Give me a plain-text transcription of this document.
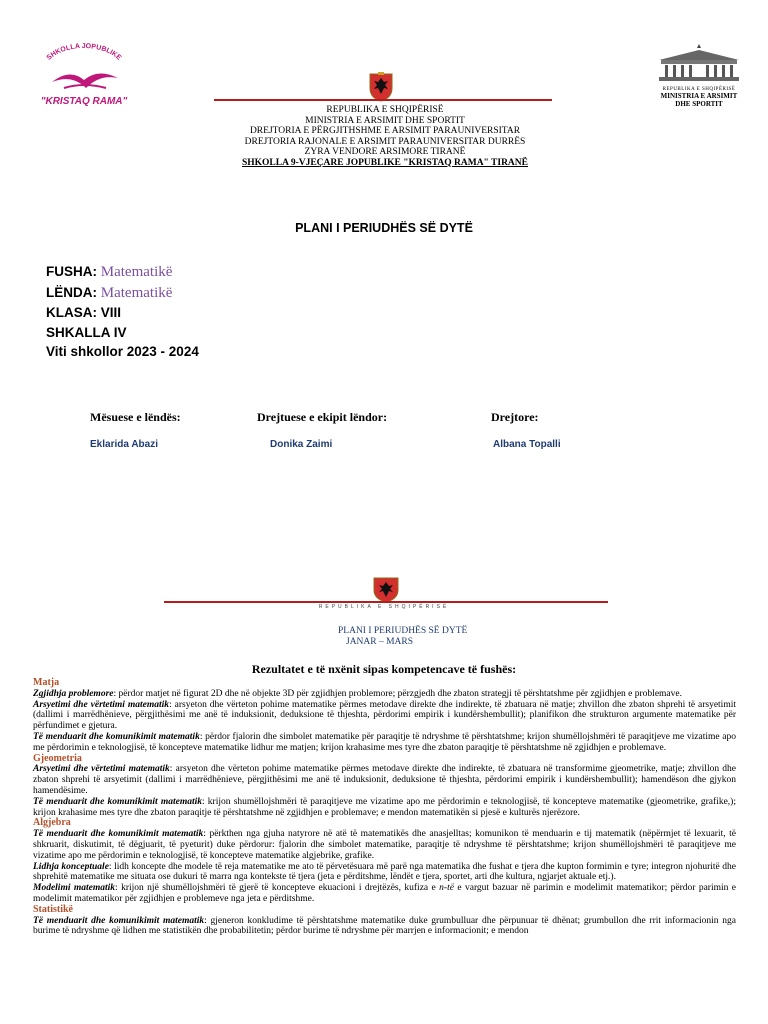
SHKOLLA JOPUBLIKE
"KRISTAQ RAMA"
REPUBLIKA E SHQIPËRISË
MINISTRIA E ARSIMIT
DHE SPORTIT
REPUBLIKA E SHQIPËRISË
MINISTRIA E ARSIMIT DHE SPORTIT
DREJTORIA E PËRGJITHSHME E ARSIMIT PARAUNIVERSITAR
DREJTORIA RAJONALE E ARSIMIT PARAUNIVERSITAR DURRËS
ZYRA VENDORE ARSIMORE TIRANË
SHKOLLA 9-VJEÇARE JOPUBLIKE "KRISTAQ RAMA" TIRANË
PLANI I PERIUDHËS SË DYTË
FUSHA: Matematikë
LËNDA: Matematikë
KLASA: VIII
SHKALLA IV
Viti shkollor 2023 - 2024
Mësuese e lëndës:	Drejtuese e ekipit lëndor:	Drejtore:
Eklarida Abazi	Donika Zaimi	Albana Topalli
REPUBLIKA E SHQIPËRISË
PLANI I PERIUDHËS SË DYTË
JANAR – MARS
Rezultatet e të nxënit sipas kompetencave të fushës:
Matja

Zgjidhja problemore: përdor matjet në figurat 2D dhe në objekte 3D për zgjidhjen problemore; përzgjedh dhe zbaton strategji të përshtatshme për zgjidhjen e problemave.

Arsyetimi dhe vërtetimi matematik: arsyeton dhe vërteton pohime matematike përmes metodave direkte dhe indirekte, të zbatuara në matje; zhvillon dhe zbaton shprehi të arsyetimit (dallimi i marrëdhënieve, përgjithësimi me anë të induksionit, deduksione të thjeshta, përdorimi empirik i kundërshembullit); planifikon dhe strukturon argumente matematike për përfundimet e gjetura.

Të menduarit dhe komunikimit matematik: përdor fjalorin dhe simbolet matematike për paraqitje të ndryshme të përshtatshme; krijon shumëllojshmëri të paraqitjeve me vizatime apo me përdorimin e teknologjisë, të koncepteve matematike lidhur me matjen; krijon krahasime mes tyre dhe zbaton paraqitje të përshtatshme në zgjidhjen e problemave.

Gjeometria

Arsyetimi dhe vërtetimi matematik: arsyeton dhe vërteton pohime matematike përmes metodave direkte dhe indirekte, të zbatuara në transformime gjeometrike, matje; zhvillon dhe zbaton shprehi të arsyetimit (dallimi i marrëdhënieve, përgjithësimi me anë të induksionit, deduksione të thjeshta, përdorimi empirik i kundërshembullit); hamendëson dhe gjykon hamendësime.

Të menduarit dhe komunikimit matematik: krijon shumëllojshmëri të paraqitjeve me vizatime apo me përdorimin e teknologjisë, të koncepteve matematike (gjeometrike, grafike,); krijon krahasime mes tyre dhe zbaton paraqitje të përshtatshme në zgjidhjen e problemave; e mendon matematikën si pjesë e kulturës njerëzore.

Algjebra

Të menduarit dhe komunikimit matematik: përkthen nga gjuha natyrore në atë të matematikës dhe anasjelltas; komunikon të menduarin e tij matematik (nëpërmjet të lexuarit, të shkruarit, diskutimit, të dëgjuarit, të pyeturit) duke përdorur: fjalorin dhe simbolet matematike, paraqitje të ndryshme të përshtatshme; krijon shumëllojshmëri të paraqitjeve me vizatime apo me përdorimin e teknologjisë, të koncepteve matematike algjebrike, grafike.

Lidhja konceptuale: lidh koncepte dhe modele të reja matematike me ato të përvetësuara më parë nga matematika dhe fushat e tjera dhe kupton formimin e tyre; integron njohuritë dhe shprehitë matematike me situata ose dukuri të marra nga kontekste të tjera (jeta e përditshme, lëndët e tjera, sportet, arti dhe kultura, ngjarjet aktuale etj.).

Modelimi matematik: krijon një shumëllojshmëri të gjerë të koncepteve ekuacioni i drejtëzës, kufiza e n-të e vargut bazuar në parimin e modelimit matematikor; përdor parimin e modelimit matematikor për zgjidhjen e problemeve nga jeta e përditshme.

Statistikë

Të menduarit dhe komunikimit matematik: gjeneron konkludime të përshtatshme matematike duke grumbulluar dhe përpunuar të dhënat; grumbullon dhe rrit informacionin nga burime të ndryshme që lidhen me statistikën dhe probabilitetin; përdor burime të ndryshme për marrjen e informacionit; e mendon
